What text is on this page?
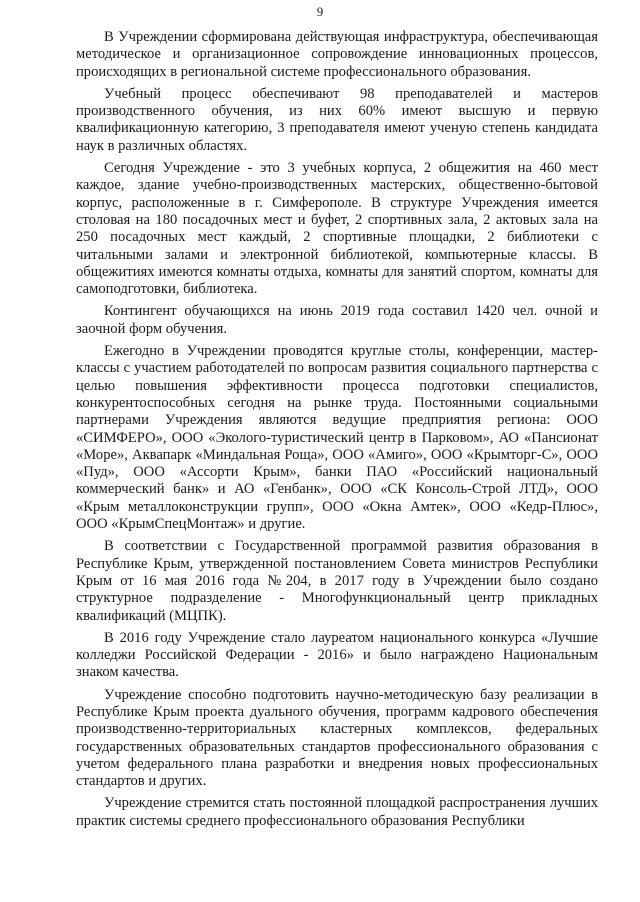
9

В Учреждении сформирована действующая инфраструктура, обеспечивающая методическое и организационное сопровождение инновационных процессов, происходящих в региональной системе профессионального образования.

Учебный процесс обеспечивают 98 преподавателей и мастеров производственного обучения, из них 60% имеют высшую и первую квалификационную категорию, 3 преподавателя имеют ученую степень кандидата наук в различных областях.

Сегодня Учреждение - это 3 учебных корпуса, 2 общежития на 460 мест каждое, здание учебно-производственных мастерских, общественно-бытовой корпус, расположенные в г. Симферополе. В структуре Учреждения имеется столовая на 180 посадочных мест и буфет, 2 спортивных зала, 2 актовых зала на 250 посадочных мест каждый, 2 спортивные площадки, 2 библиотеки с читальными залами и электронной библиотекой, компьютерные классы. В общежитиях имеются комнаты отдыха, комнаты для занятий спортом, комнаты для самоподготовки, библиотека.

Контингент обучающихся на июнь 2019 года составил 1420 чел. очной и заочной форм обучения.

Ежегодно в Учреждении проводятся круглые столы, конференции, мастер-классы с участием работодателей по вопросам развития социального партнерства с целью повышения эффективности процесса подготовки специалистов, конкурентоспособных сегодня на рынке труда. Постоянными социальными партнерами Учреждения являются ведущие предприятия региона: ООО «СИМФЕРО», ООО «Эколого-туристический центр в Парковом», АО «Пансионат «Море», Аквапарк «Миндальная Роща», ООО «Амиго», ООО «Крымторг-С», ООО «Пуд», ООО «Ассорти Крым», банки ПАО «Российский национальный коммерческий банк» и АО «Генбанк», ООО «СК Консоль-Строй ЛТД», ООО «Крым металлоконструкции групп», ООО «Окна Амтек», ООО «Кедр-Плюс», ООО «КрымСпецМонтаж» и другие.

В соответствии с Государственной программой развития образования в Республике Крым, утвержденной постановлением Совета министров Республики Крым от 16 мая 2016 года №204, в 2017 году в Учреждении было создано структурное подразделение - Многофункциональный центр прикладных квалификаций (МЦПК).

В 2016 году Учреждение стало лауреатом национального конкурса «Лучшие колледжи Российской Федерации - 2016» и было награждено Национальным знаком качества.

Учреждение способно подготовить научно-методическую базу реализации в Республике Крым проекта дуального обучения, программ кадрового обеспечения производственно-территориальных кластерных комплексов, федеральных государственных образовательных стандартов профессионального образования с учетом федерального плана разработки и внедрения новых профессиональных стандартов и других.

Учреждение стремится стать постоянной площадкой распространения лучших практик системы среднего профессионального образования Республики
